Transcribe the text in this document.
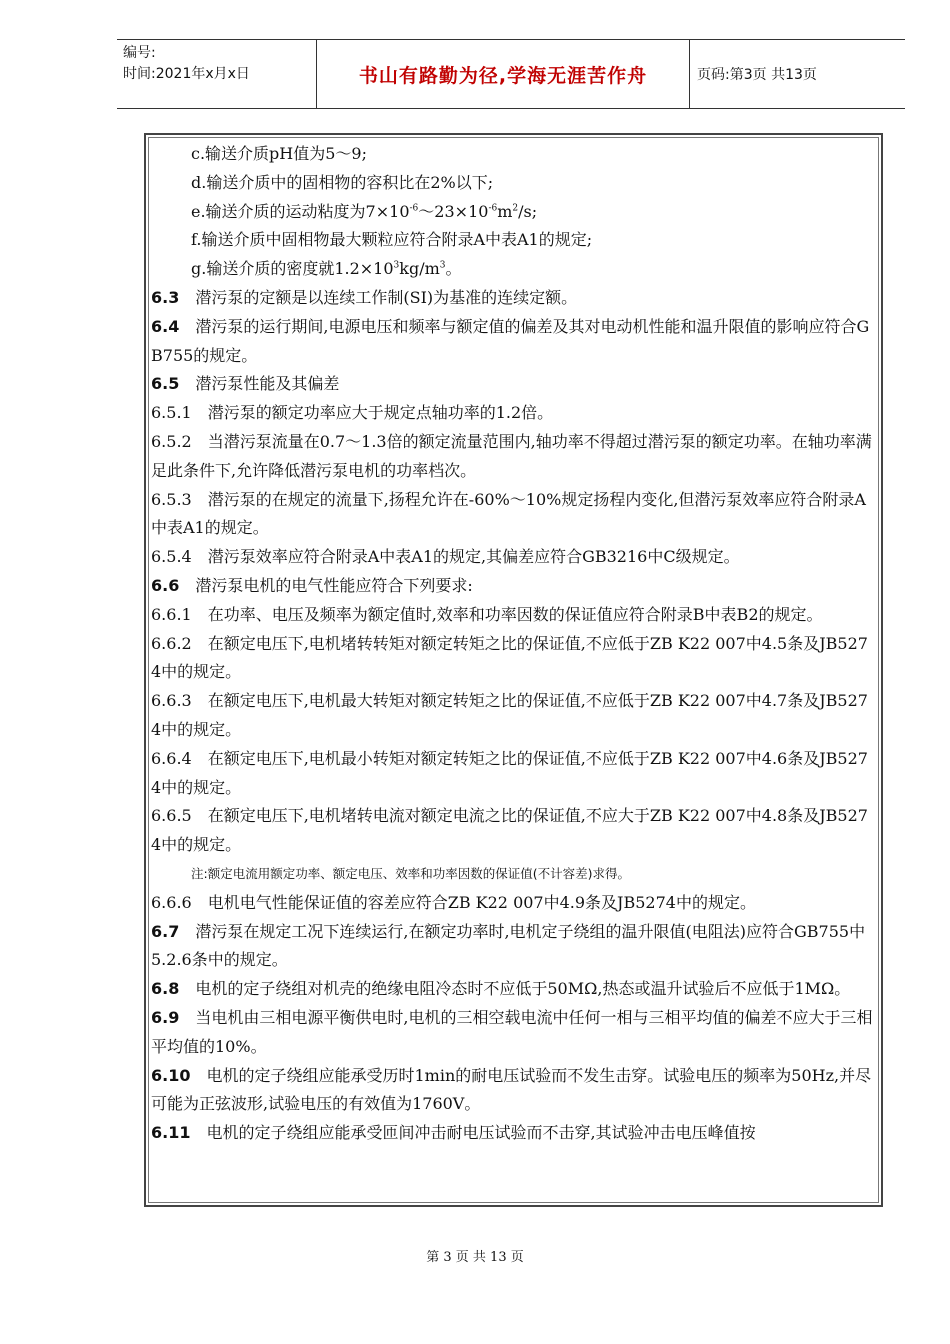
编号:
时间:2021年x月x日	书山有路勤为径,学海无涯苦作舟	页码:第3页 共13页

c.输送介质pH值为5～9;

d.输送介质中的固相物的容积比在2%以下;

e.输送介质的运动粘度为$7\times 10^{-6}\sim 23\times 10^{-6}m^2/s$;

f.输送介质中固相物最大颗粒应符合附录A中表A1的规定;

g.输送介质的密度就$1.2\times 10^3kg/m^3$。

6.3　 潜污泵的定额是以连续工作制(SI)为基准的连续定额。

6.4　 潜污泵的运行期间,电源电压和频率与额定值的偏差及其对电动机性能和温升限值的影响应符合GB755的规定。

6.5　 潜污泵性能及其偏差

6.5.1　潜污泵的额定功率应大于规定点轴功率的1.2倍。

6.5.2　当潜污泵流量在0.7～1.3倍的额定流量范围内,轴功率不得超过潜污泵的额定功率。在轴功率满足此条件下,允许降低潜污泵电机的功率档次。

6.5.3　潜污泵的在规定的流量下,扬程允许在-60%～10%规定扬程内变化,但潜污泵效率应符合附录A中表A1的规定。

6.5.4　潜污泵效率应符合附录A中表A1的规定,其偏差应符合GB3216中C级规定。

6.6　 潜污泵电机的电气性能应符合下列要求:

6.6.1　在功率、电压及频率为额定值时,效率和功率因数的保证值应符合附录B中表B2的规定。

6.6.2　在额定电压下,电机堵转转矩对额定转矩之比的保证值,不应低于ZB K22 007中4.5条及JB5274中的规定。

6.6.3　在额定电压下,电机最大转矩对额定转矩之比的保证值,不应低于ZB K22 007中4.7条及JB5274中的规定。

6.6.4　在额定电压下,电机最小转矩对额定转矩之比的保证值,不应低于ZB K22 007中4.6条及JB5274中的规定。

6.6.5　在额定电压下,电机堵转电流对额定电流之比的保证值,不应大于ZB K22 007中4.8条及JB5274中的规定。

注:额定电流用额定功率、额定电压、效率和功率因数的保证值(不计容差)求得。

6.6.6　电机电气性能保证值的容差应符合ZB K22 007中4.9条及JB5274中的规定。

6.7　 潜污泵在规定工况下连续运行,在额定功率时,电机定子绕组的温升限值(电阻法)应符合GB755中5.2.6条中的规定。

6.8　 电机的定子绕组对机壳的绝缘电阻冷态时不应低于50MΩ,热态或温升试验后不应低于1MΩ。

6.9　 当电机由三相电源平衡供电时,电机的三相空载电流中任何一相与三相平均值的偏差不应大于三相平均值的10%。

6.10　 电机的定子绕组应能承受历时1min的耐电压试验而不发生击穿。试验电压的频率为50Hz,并尽可能为正弦波形,试验电压的有效值为1760V。

6.11　 电机的定子绕组应能承受匝间冲击耐电压试验而不击穿,其试验冲击电压峰值按

第 3 页 共 13 页
